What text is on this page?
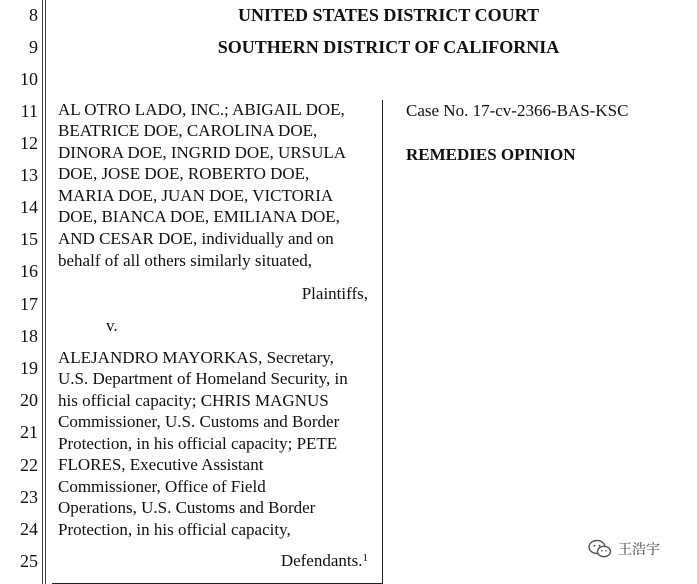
8
9
10
11
12
13
14
15
16
17
18
19
20
21
22
23
24
25
UNITED STATES DISTRICT COURT
SOUTHERN DISTRICT OF CALIFORNIA
AL OTRO LADO, INC.; ABIGAIL DOE,
BEATRICE DOE, CAROLINA DOE,
DINORA DOE, INGRID DOE, URSULA
DOE, JOSE DOE, ROBERTO DOE,
MARIA DOE, JUAN DOE, VICTORIA
DOE, BIANCA DOE, EMILIANA DOE,
AND CESAR DOE, individually and on
behalf of all others similarly situated,
Plaintiffs,
v.
ALEJANDRO MAYORKAS, Secretary,
U.S. Department of Homeland Security, in
his official capacity; CHRIS MAGNUS
Commissioner, U.S. Customs and Border
Protection, in his official capacity; PETE
FLORES, Executive Assistant
Commissioner, Office of Field
Operations, U.S. Customs and Border
Protection, in his official capacity,
Defendants.$^1$
Case No. 17-cv-2366-BAS-KSC
REMEDIES OPINION
王浩宇
